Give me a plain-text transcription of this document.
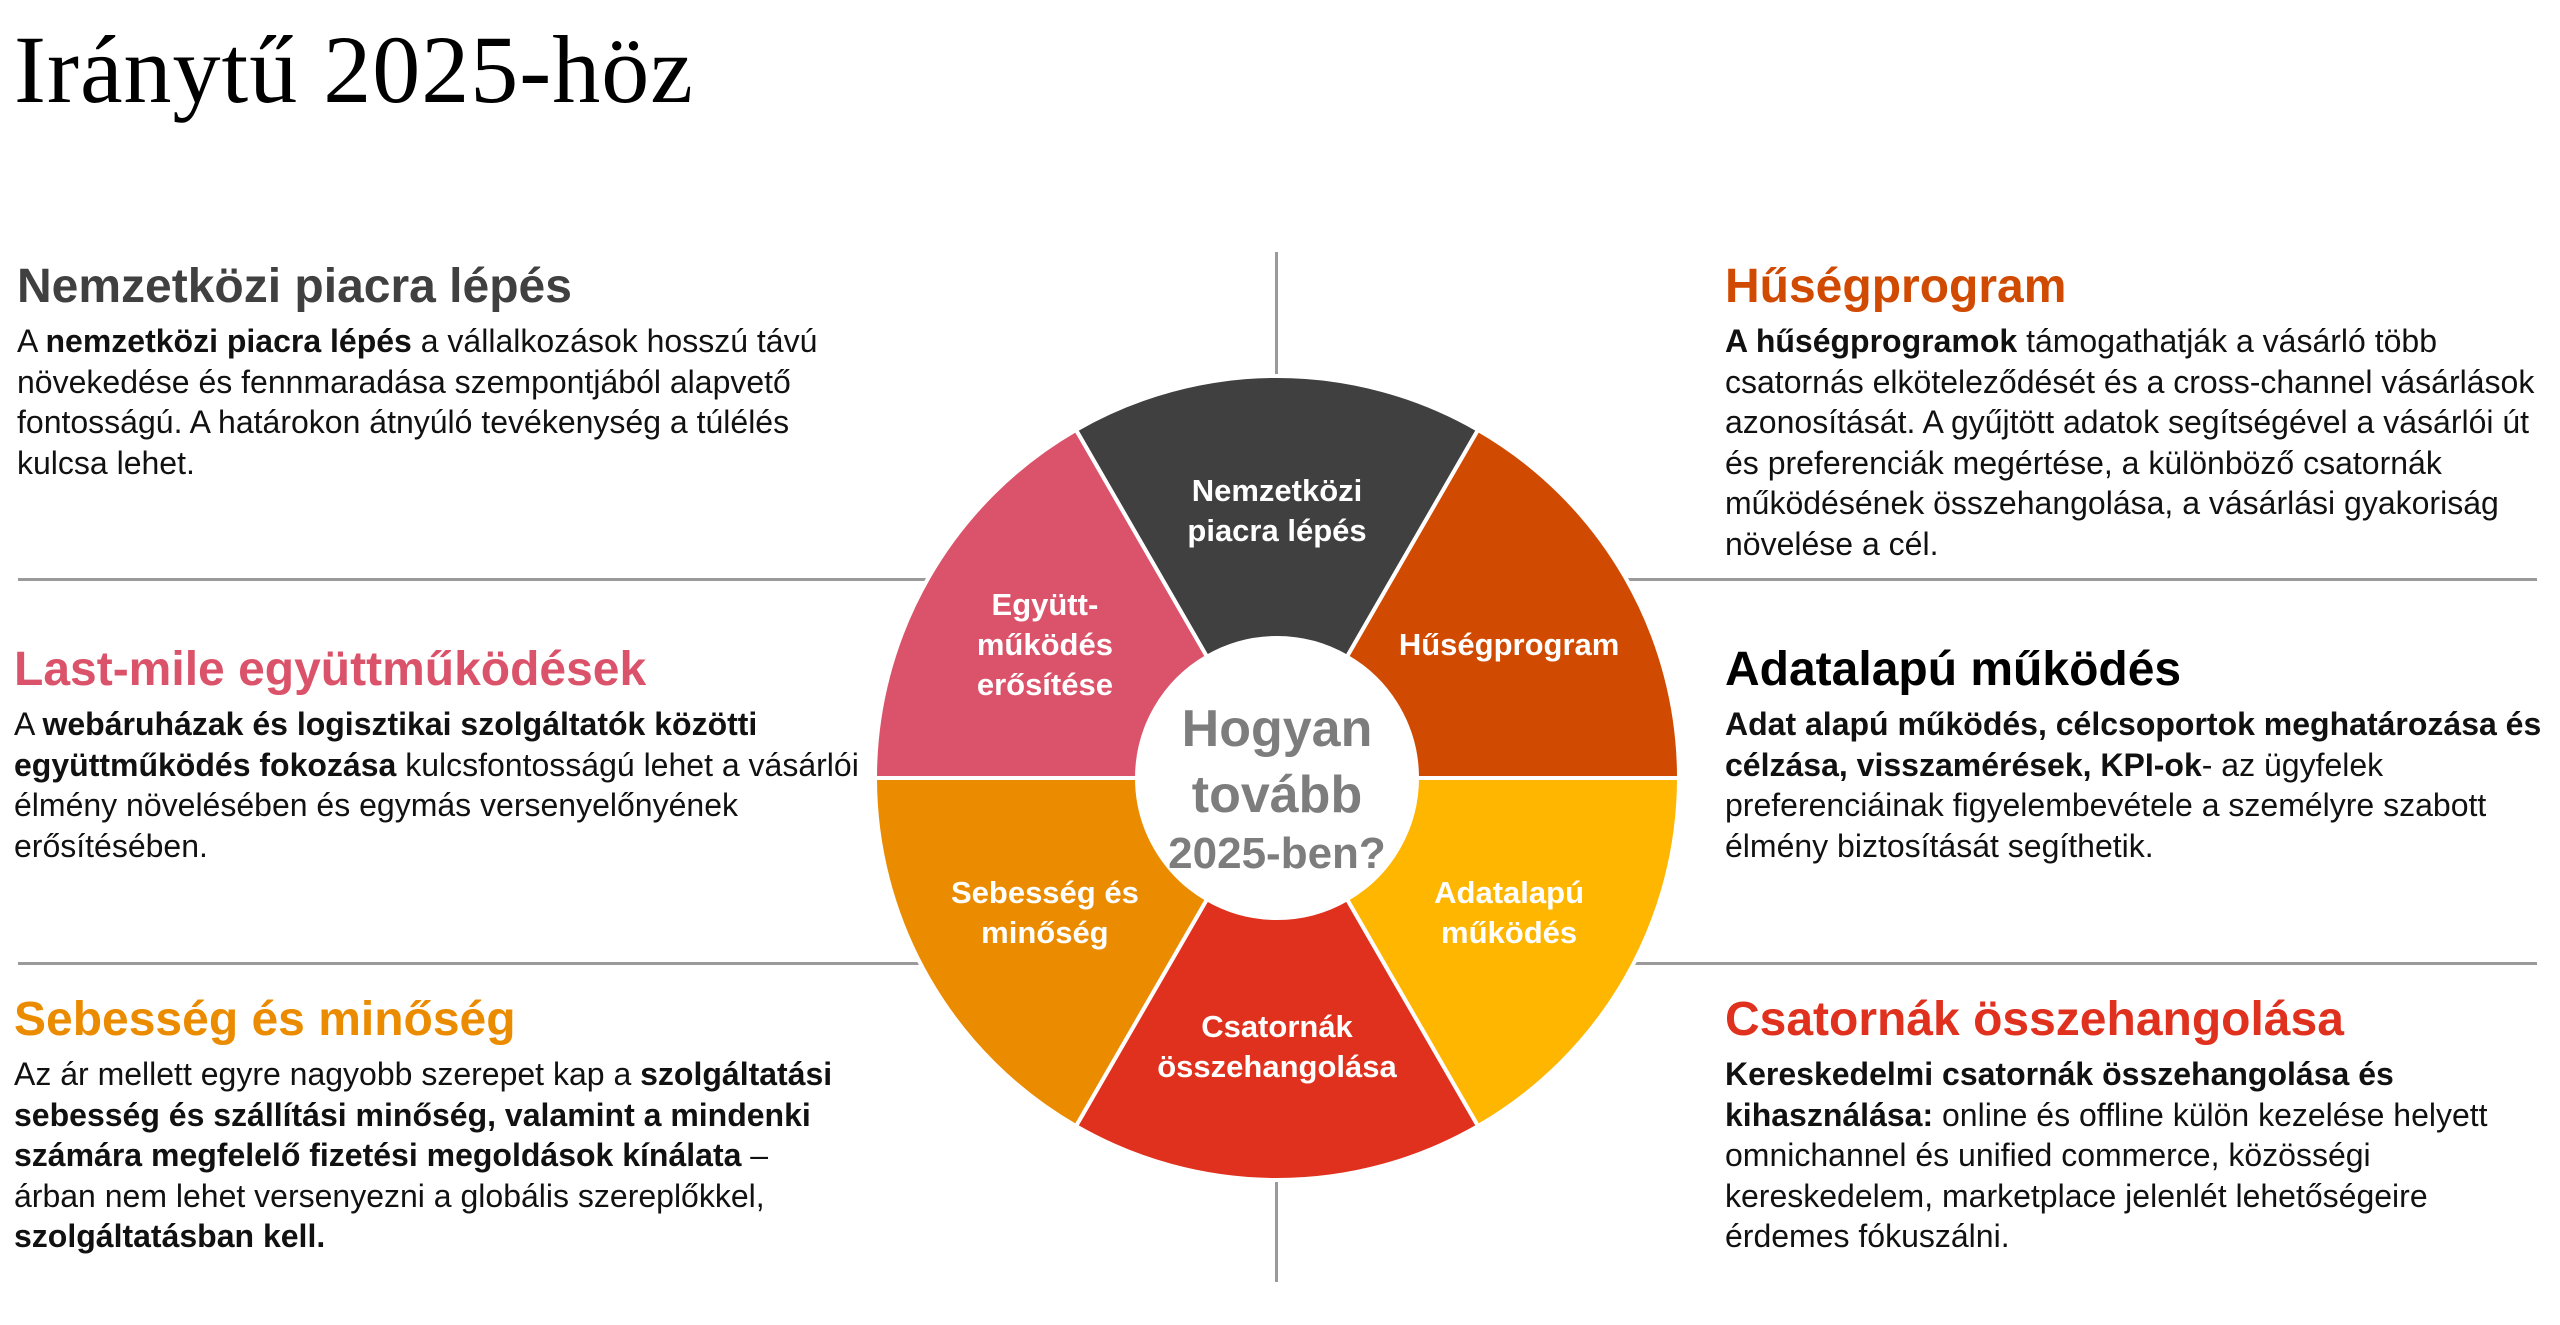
Iránytű 2025-höz
Nemzetközi piacra lépés

A nemzetközi piacra lépés a vállalkozások hosszú távú növekedése és fennmaradása szempontjából alapvető fontosságú. A határokon átnyúló tevékenység a túlélés kulcsa lehet.

Last-mile együttműködések

A webáruházak és logisztikai szolgáltatók közötti együttműködés fokozása kulcsfontosságú lehet a vásárlói élmény növelésében és egymás versenyelőnyének erősítésében.

Sebesség és minőség

Az ár mellett egyre nagyobb szerepet kap a szolgáltatási sebesség és szállítási minőség, valamint a mindenki számára megfelelő fizetési megoldások kínálata – árban nem lehet versenyezni a globális szereplőkkel, szolgáltatásban kell.

Hűségprogram

A hűségprogramok támogathatják a vásárló több csatornás elköteleződését és a cross-channel vásárlások azonosítását. A gyűjtött adatok segítségével a vásárlói út és preferenciák megértése, a különböző csatornák működésének összehangolása, a vásárlási gyakoriság növelése a cél.

Adatalapú működés

Adat alapú működés, célcsoportok meghatározása és célzása, visszamérések, KPI-ok- az ügyfelek preferenciáinak figyelembevétele a személyre szabott élmény biztosítását segíthetik.

Csatornák összehangolása

Kereskedelmi csatornák összehangolása és kihasználása: online és offline külön kezelése helyett omnichannel és unified commerce, közösségi kereskedelem, marketplace jelenlét lehetőségeire érdemes fókuszálni.

Nemzetközi
piacra lépés
Hűségprogram
Adatalapú
működés
Csatornák
összehangolása
Sebesség és
minőség
Együtt-
működés
erősítése
Hogyan
tovább
2025-ben?
